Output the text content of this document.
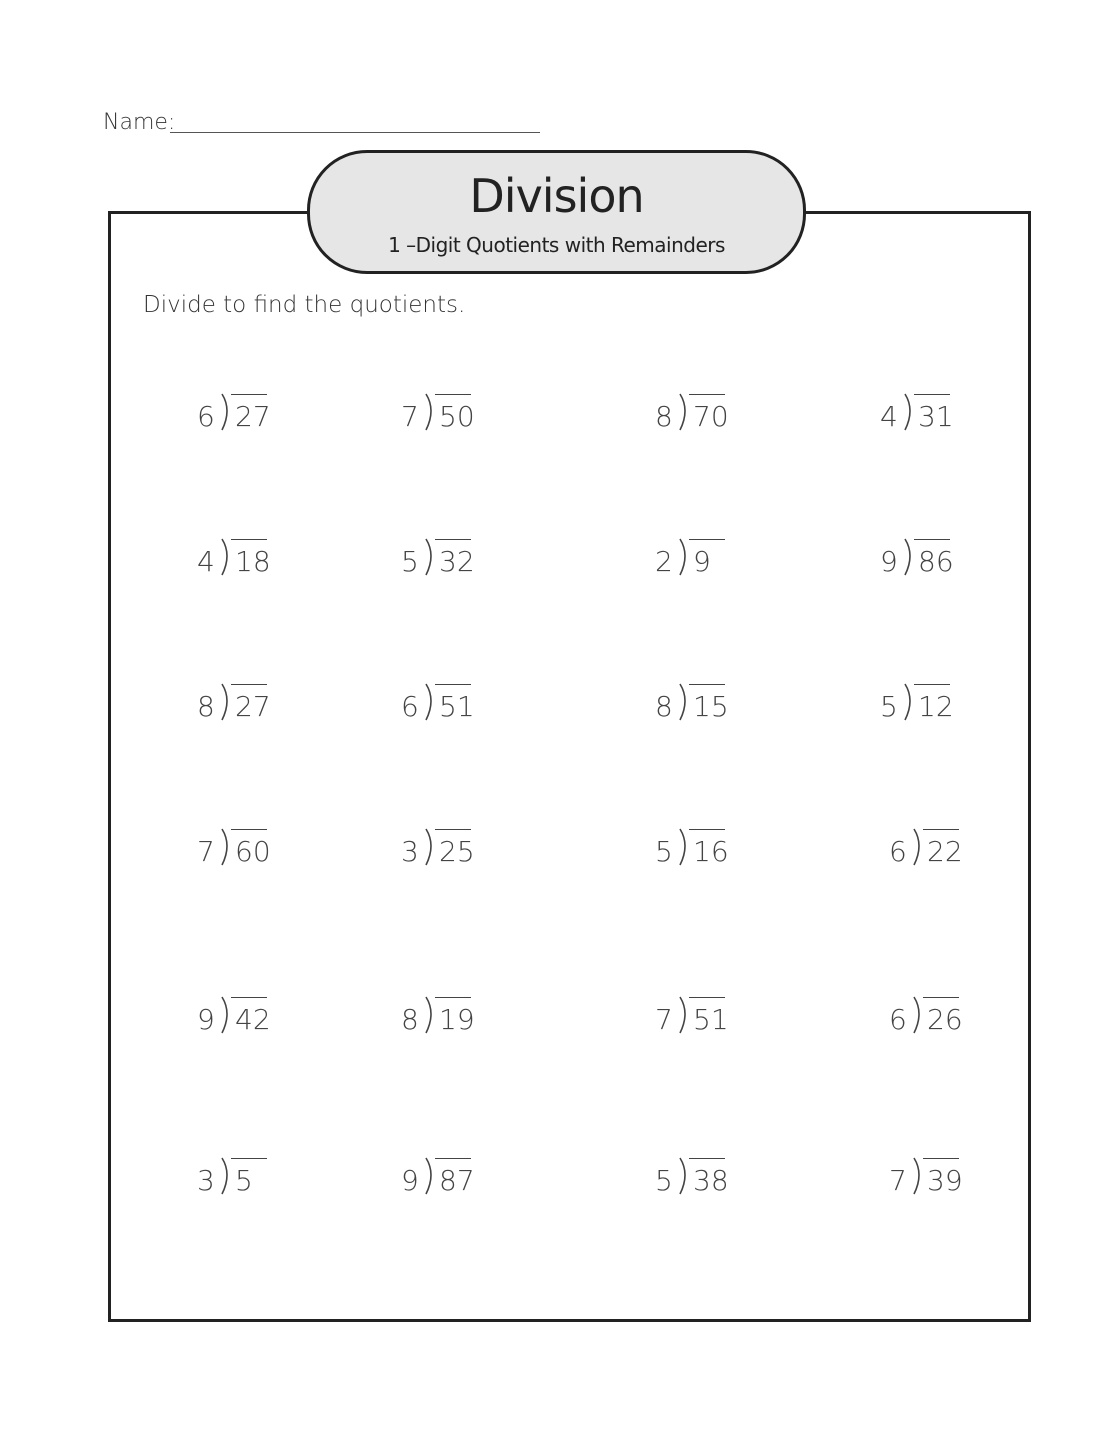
Name:
Division
1 –Digit Quotients with Remainders
Divide to find the quotients.
6 27	7 50	8 70	4 31
4 18	5 32	2 9	9 86
8 27	6 51	8 15	5 12
7 60	3 25	5 16	6 22
9 42	8 19	7 51	6 26
3 5	9 87	5 38	7 39
